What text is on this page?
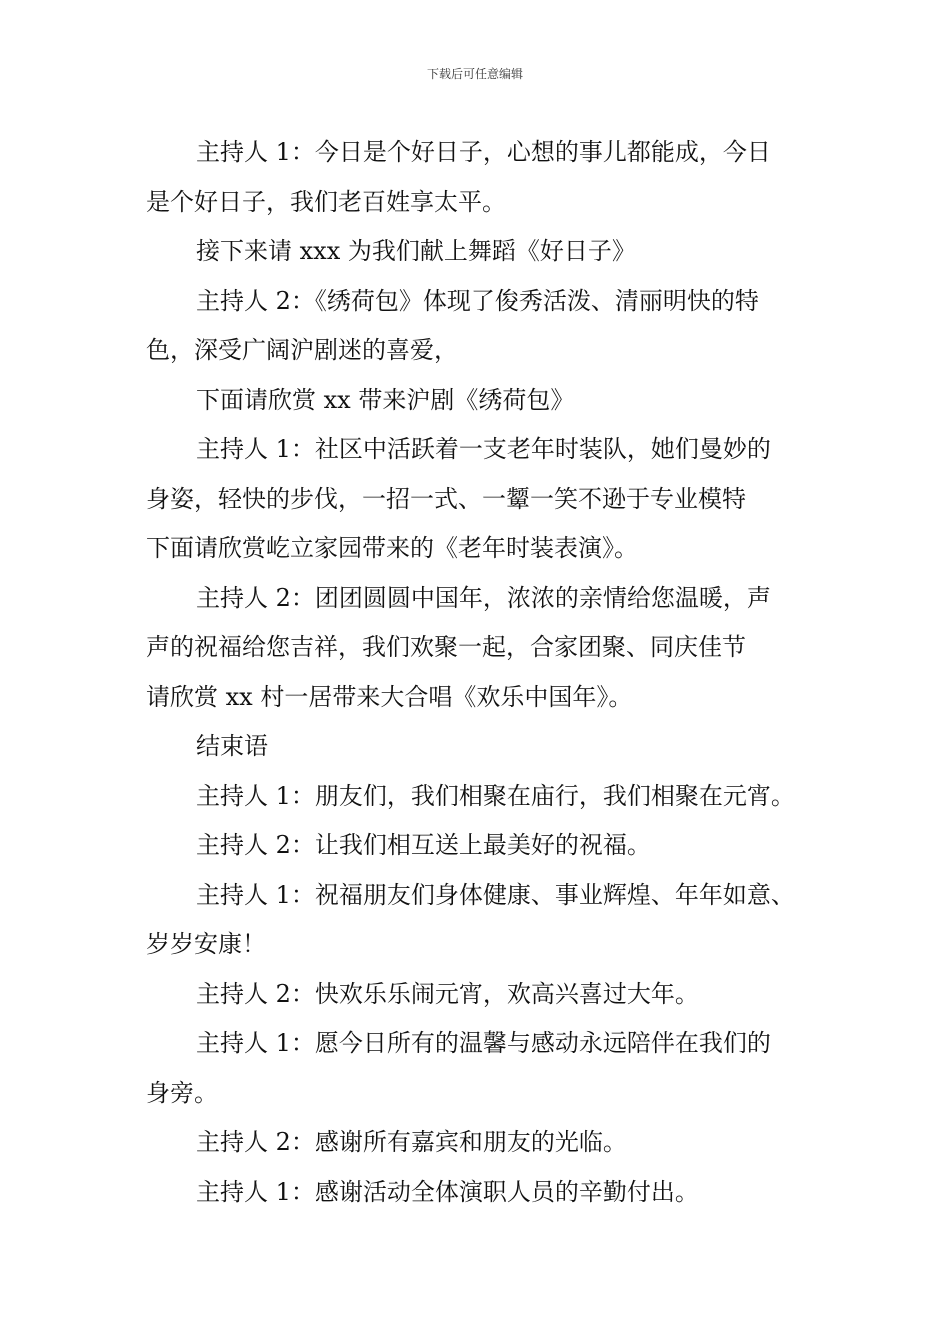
下载后可任意编辑

主持人 1：今日是个好日子，心想的事儿都能成，今日
是个好日子，我们老百姓享太平。

接下来请 xxx 为我们献上舞蹈《好日子》

主持人 2：《绣荷包》体现了俊秀活泼、清丽明快的特
色，深受广阔沪剧迷的喜爱，

下面请欣赏 xx 带来沪剧《绣荷包》

主持人 1：社区中活跃着一支老年时装队，她们曼妙的
身姿，轻快的步伐，一招一式、一颦一笑不逊于专业模特
下面请欣赏屹立家园带来的《老年时装表演》。

主持人 2：团团圆圆中国年，浓浓的亲情给您温暖，声
声的祝福给您吉祥，我们欢聚一起，合家团聚、同庆佳节
请欣赏 xx 村一居带来大合唱《欢乐中国年》。

结束语

主持人 1：朋友们，我们相聚在庙行，我们相聚在元宵。

主持人 2：让我们相互送上最美好的祝福。

主持人 1：祝福朋友们身体健康、事业辉煌、年年如意、
岁岁安康！

主持人 2：快欢乐乐闹元宵，欢高兴喜过大年。

主持人 1：愿今日所有的温馨与感动永远陪伴在我们的
身旁。

主持人 2：感谢所有嘉宾和朋友的光临。

主持人 1：感谢活动全体演职人员的辛勤付出。
